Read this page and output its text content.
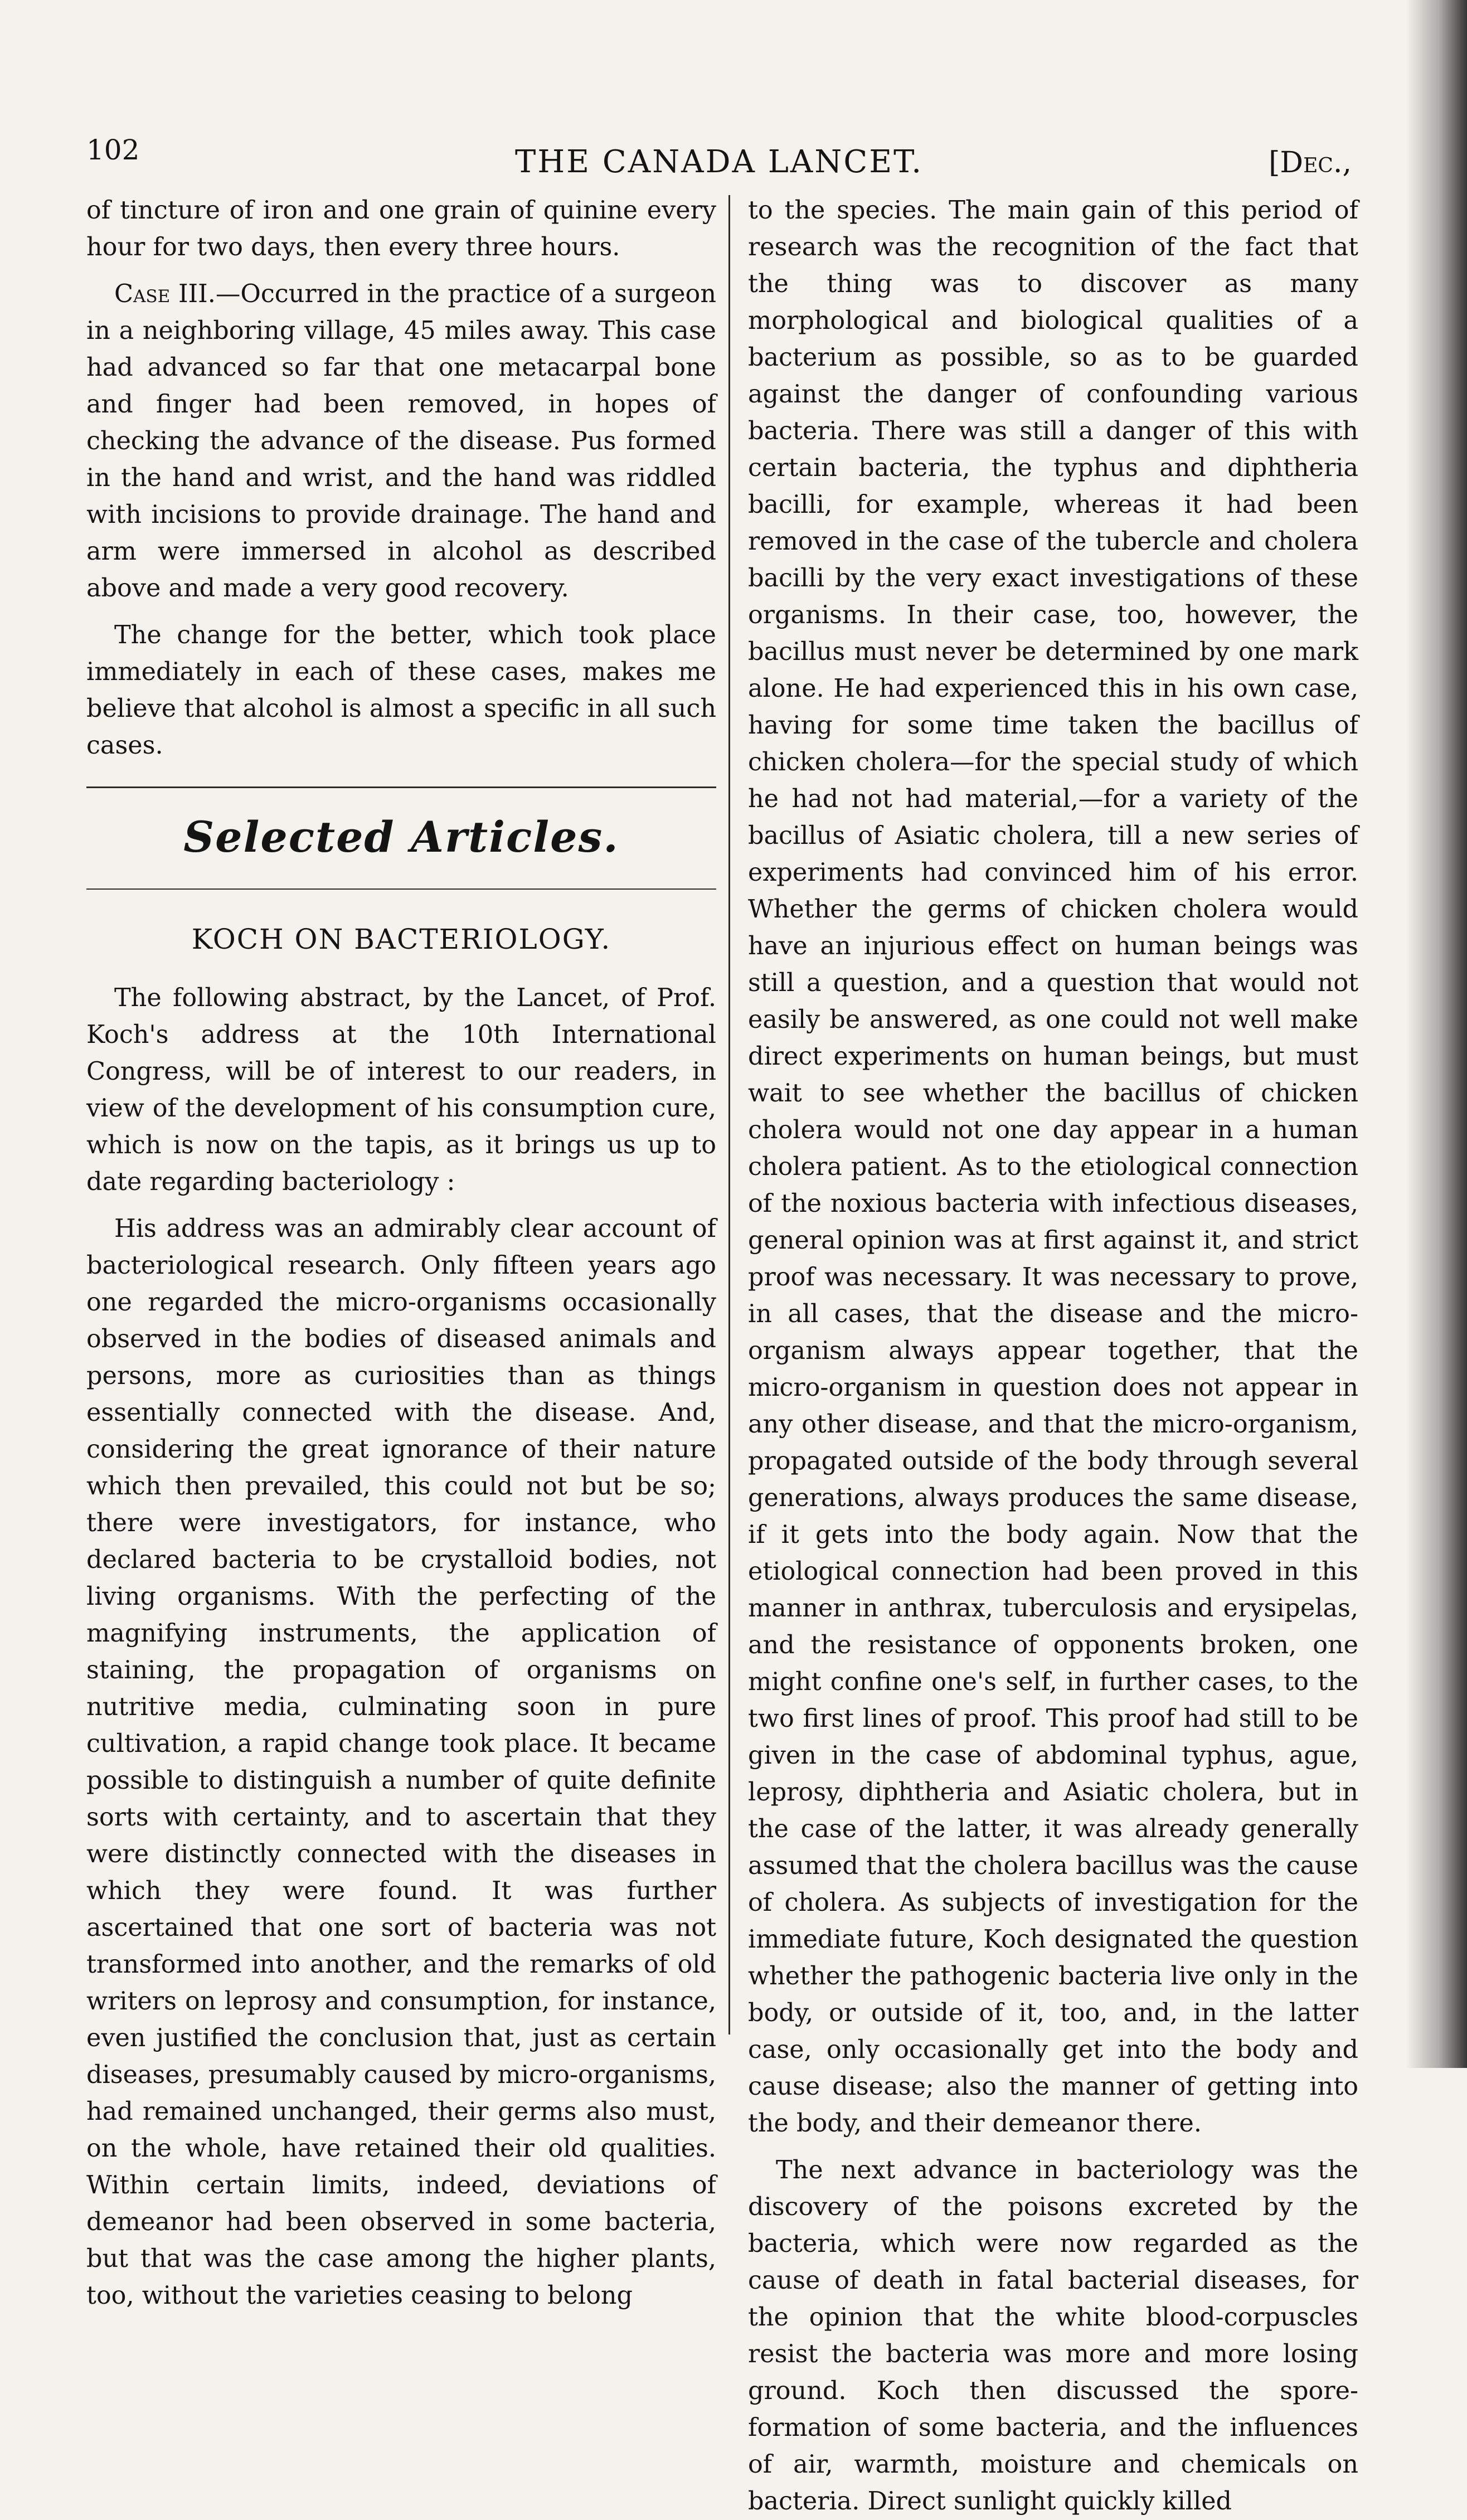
102	THE CANADA LANCET.	[Dec.,

of tincture of iron and one grain of quinine every hour for two days, then every three hours.

Case III.—Occurred in the practice of a surgeon in a neighboring village, 45 miles away. This case had advanced so far that one metacarpal bone and finger had been removed, in hopes of checking the advance of the disease. Pus formed in the hand and wrist, and the hand was riddled with incisions to provide drainage. The hand and arm were immersed in alcohol as described above and made a very good recovery.

The change for the better, which took place immediately in each of these cases, makes me believe that alcohol is almost a specific in all such cases.

Selected Articles.
KOCH ON BACTERIOLOGY.

The following abstract, by the Lancet, of Prof. Koch's address at the 10th International Congress, will be of interest to our readers, in view of the development of his consumption cure, which is now on the tapis, as it brings us up to date regarding bacteriology :

His address was an admirably clear account of bacteriological research. Only fifteen years ago one regarded the micro-organisms occasionally observed in the bodies of diseased animals and persons, more as curiosities than as things essentially connected with the disease. And, considering the great ignorance of their nature which then prevailed, this could not but be so; there were investigators, for instance, who declared bacteria to be crystalloid bodies, not living organisms. With the perfecting of the magnifying instruments, the application of staining, the propagation of organisms on nutritive media, culminating soon in pure cultivation, a rapid change took place. It became possible to distinguish a number of quite definite sorts with certainty, and to ascertain that they were distinctly connected with the diseases in which they were found. It was further ascertained that one sort of bacteria was not transformed into another, and the remarks of old writers on leprosy and consumption, for instance, even justified the conclusion that, just as certain diseases, presumably caused by micro-organisms, had remained unchanged, their germs also must, on the whole, have retained their old qualities. Within certain limits, indeed, deviations of demeanor had been observed in some bacteria, but that was the case among the higher plants, too, without the varieties ceasing to belong

to the species. The main gain of this period of research was the recognition of the fact that the thing was to discover as many morphological and biological qualities of a bacterium as possible, so as to be guarded against the danger of confounding various bacteria. There was still a danger of this with certain bacteria, the typhus and diphtheria bacilli, for example, whereas it had been removed in the case of the tubercle and cholera bacilli by the very exact investigations of these organisms. In their case, too, however, the bacillus must never be determined by one mark alone. He had experienced this in his own case, having for some time taken the bacillus of chicken cholera—for the special study of which he had not had material,—for a variety of the bacillus of Asiatic cholera, till a new series of experiments had convinced him of his error. Whether the germs of chicken cholera would have an injurious effect on human beings was still a question, and a question that would not easily be answered, as one could not well make direct experiments on human beings, but must wait to see whether the bacillus of chicken cholera would not one day appear in a human cholera patient. As to the etiological connection of the noxious bacteria with infectious diseases, general opinion was at first against it, and strict proof was necessary. It was necessary to prove, in all cases, that the disease and the micro-organism always appear together, that the micro-organism in question does not appear in any other disease, and that the micro-organism, propagated outside of the body through several generations, always produces the same disease, if it gets into the body again. Now that the etiological connection had been proved in this manner in anthrax, tuberculosis and erysipelas, and the resistance of opponents broken, one might confine one's self, in further cases, to the two first lines of proof. This proof had still to be given in the case of abdominal typhus, ague, leprosy, diphtheria and Asiatic cholera, but in the case of the latter, it was already generally assumed that the cholera bacillus was the cause of cholera. As subjects of investigation for the immediate future, Koch designated the question whether the pathogenic bacteria live only in the body, or outside of it, too, and, in the latter case, only occasionally get into the body and cause disease; also the manner of getting into the body, and their demeanor there.

The next advance in bacteriology was the discovery of the poisons excreted by the bacteria, which were now regarded as the cause of death in fatal bacterial diseases, for the opinion that the white blood-corpuscles resist the bacteria was more and more losing ground. Koch then discussed the spore-formation of some bacteria, and the influences of air, warmth, moisture and chemicals on bacteria. Direct sunlight quickly killed
